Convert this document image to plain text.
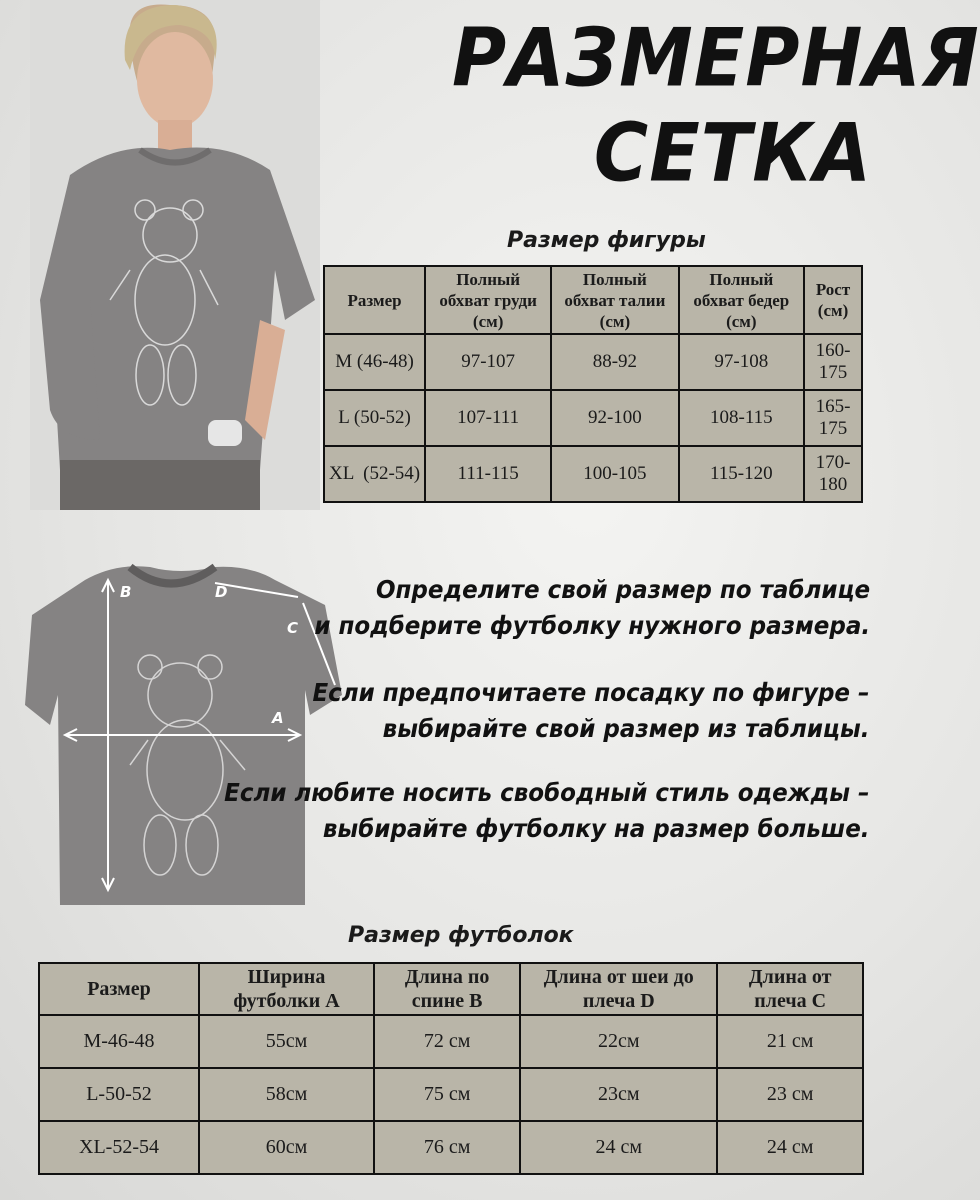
РАЗМЕРНАЯ
СЕТКА
Размер фигуры
Размер	Полный обхват груди (см)	Полный обхват талии (см)	Полный обхват бедер (см)	Рост (см)
M (46-48)	97-107	88-92	97-108	160-175
L (50-52)	107-111	92-100	108-115	165-175
XL  (52-54)	111-115	100-105	115-120	170-180
B	D
C
A
Определите свой размер по таблице
и подберите футболку нужного размера.
Если предпочитаете посадку по фигуре –
выбирайте свой размер из таблицы.
Если любите носить свободный стиль одежды –
выбирайте футболку на размер больше.
Размер футболок
Размер	Ширина футболки A	Длина по спине B	Длина от шеи до плеча D	Длина от плеча C
M-46-48	55см	72 см	22см	21 см
L-50-52	58см	75 см	23см	23 см
XL-52-54	60см	76 см	24 см	24 см
